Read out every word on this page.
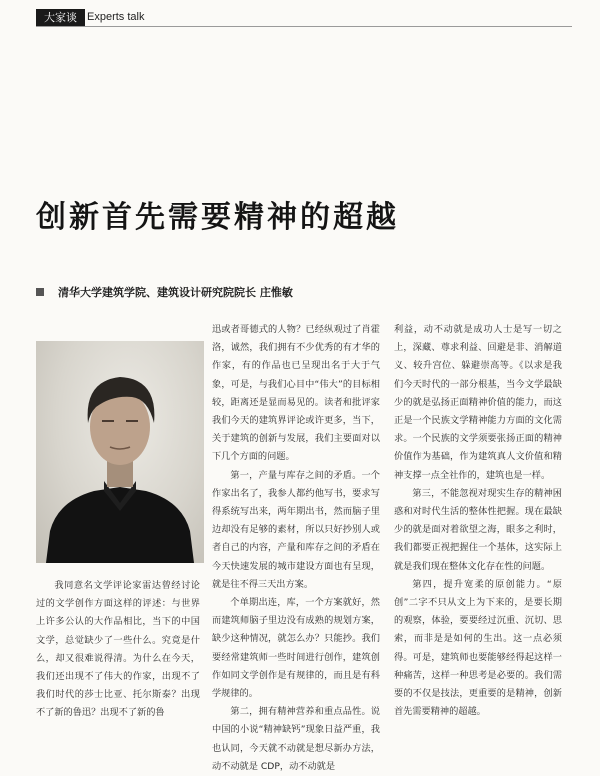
大家谈 Experts talk
创新首先需要精神的超越
清华大学建筑学院、建筑设计研究院院长 庄惟敏

我同意名文学评论家雷达曾经讨论过的文学创作方面这样的评述：与世界上许多公认的大作品相比，当下的中国文学，总觉缺少了一些什么。究竟是什么，却又很难说得清。为什么在今天，我们还出现不了伟大的作家，出现不了我们时代的莎士比亚、托尔斯泰？出现不了新的鲁迅？出现不了新的鲁

迅或者哥德式的人物？已经纵观过了肖霍洛，诚然，我们拥有不少优秀的有才华的作家，有的作品也已呈现出名于大于气象，可是，与我们心目中“伟大”的目标相较，距离还是显而易见的。读者和批评家我们今天的建筑界评论或许更多，当下，关于建筑的创新与发展，我们主要面对以下几个方面的问题。

第一，产量与库存之间的矛盾。一个作家出名了，我参人都约他写书，要求写得系统写出来，两年期出书，然而脑子里边却没有足够的素材，所以只好抄别人或者自己的内容，产量和库存之间的矛盾在今天快速发展的城市建设方面也有呈现，就是往不得三天出方案。

个单期出连，库，一个方案就好，然而建筑师脑子里边没有成熟的规划方案，缺少这种情况，就怎么办？只能抄。我们要经常建筑师一些时间进行创作，建筑创作如同文学创作是有规律的，而且是有科学规律的。

第二，拥有精神营养和重点品性。说中国的小说“精神缺钙”现象日益严重，我也认同，今天就不动就是想尽新办方法，动不动就是 CDP，动不动就是

利益，动不动就是成功人士是写一切之上，深藏、尊求利益、回避是非、消解道义、较升宫位、躲避崇高等。《以求是我们今天时代的一部分根基，当今文学最缺少的就是弘扬正面精神价值的能力，而这正是一个民族文学精神能力方面的文化需求。一个民族的文学须要张扬正面的精神价值作为基础，作为建筑真人文价值和精神支撑一点全社作的，建筑也是一样。

第三，不能忽视对现实生存的精神困惑和对时代生活的整体性把握。现在最缺少的就是面对着欲望之海，眼多之利时，我们都要正视把握住一个基体，这实际上就是我们现在整体文化存在性的问题。

第四，提升宽柔的原创能力。“原创”二字不只从文上为下来的，是要长期的观察，体验，要要经过沉重、沉切、思索，而非是是如何的生出。这一点必须得。可是，建筑师也要能够经得起这样一种痛苦，这样一种思考是必要的。我们需要的不仅是技法，更重要的是精神，创新首先需要精神的超越。
